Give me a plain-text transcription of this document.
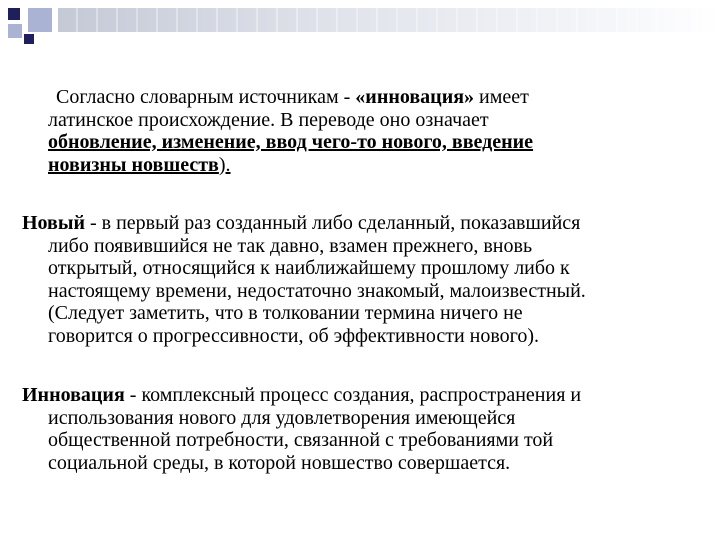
Согласно словарным источникам - «инновация» имеет
латинское происхождение. В переводе оно означает
обновление, изменение, ввод чего-то нового, введение
новизны новшеств).
Новый - в первый раз созданный либо сделанный, показавшийся
либо появившийся не так давно, взамен прежнего, вновь
открытый, относящийся к наиближайшему прошлому либо к
настоящему времени, недостаточно знакомый, малоизвестный.
(Следует заметить, что в толковании термина ничего не
говорится о прогрессивности, об эффективности нового).
Инновация - комплексный процесс создания, распространения и
использования нового для удовлетворения имеющейся
общественной потребности, связанной с требованиями той
социальной среды, в которой новшество совершается.
